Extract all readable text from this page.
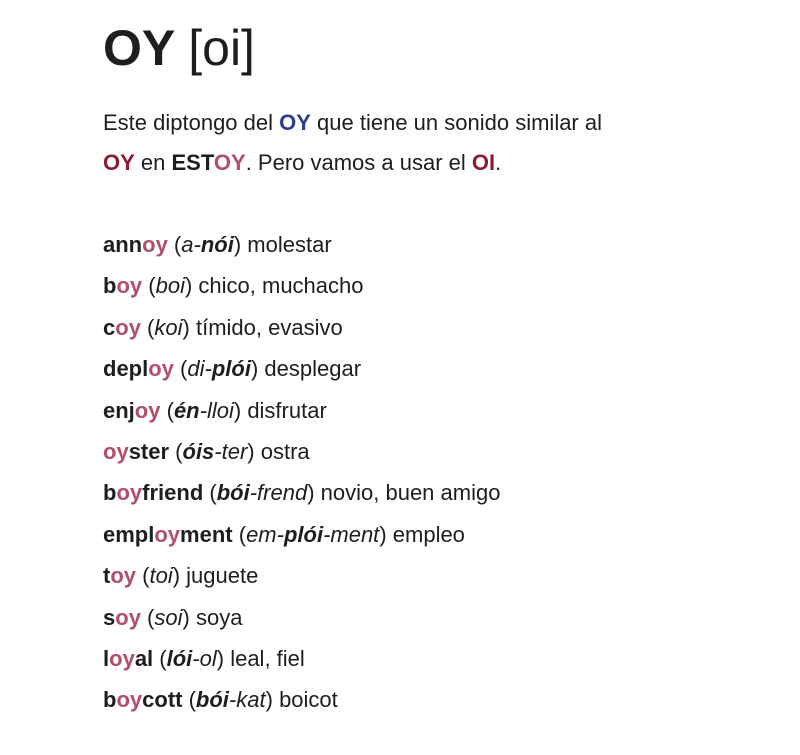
OY [oi]

Este diptongo del OY que tiene un sonido similar al
OY en ESTOY. Pero vamos a usar el OI.

annoy (a-nói) molestar
boy (boi) chico, muchacho
coy (koi) tímido, evasivo
deploy (di-plói) desplegar
enjoy (én-lloi) disfrutar
oyster (óis-ter) ostra
boyfriend (bói-frend) novio, buen amigo
employment (em-plói-ment) empleo
toy (toi) juguete
soy (soi) soya
loyal (lói-ol) leal, fiel
boycott (bói-kat) boicot
